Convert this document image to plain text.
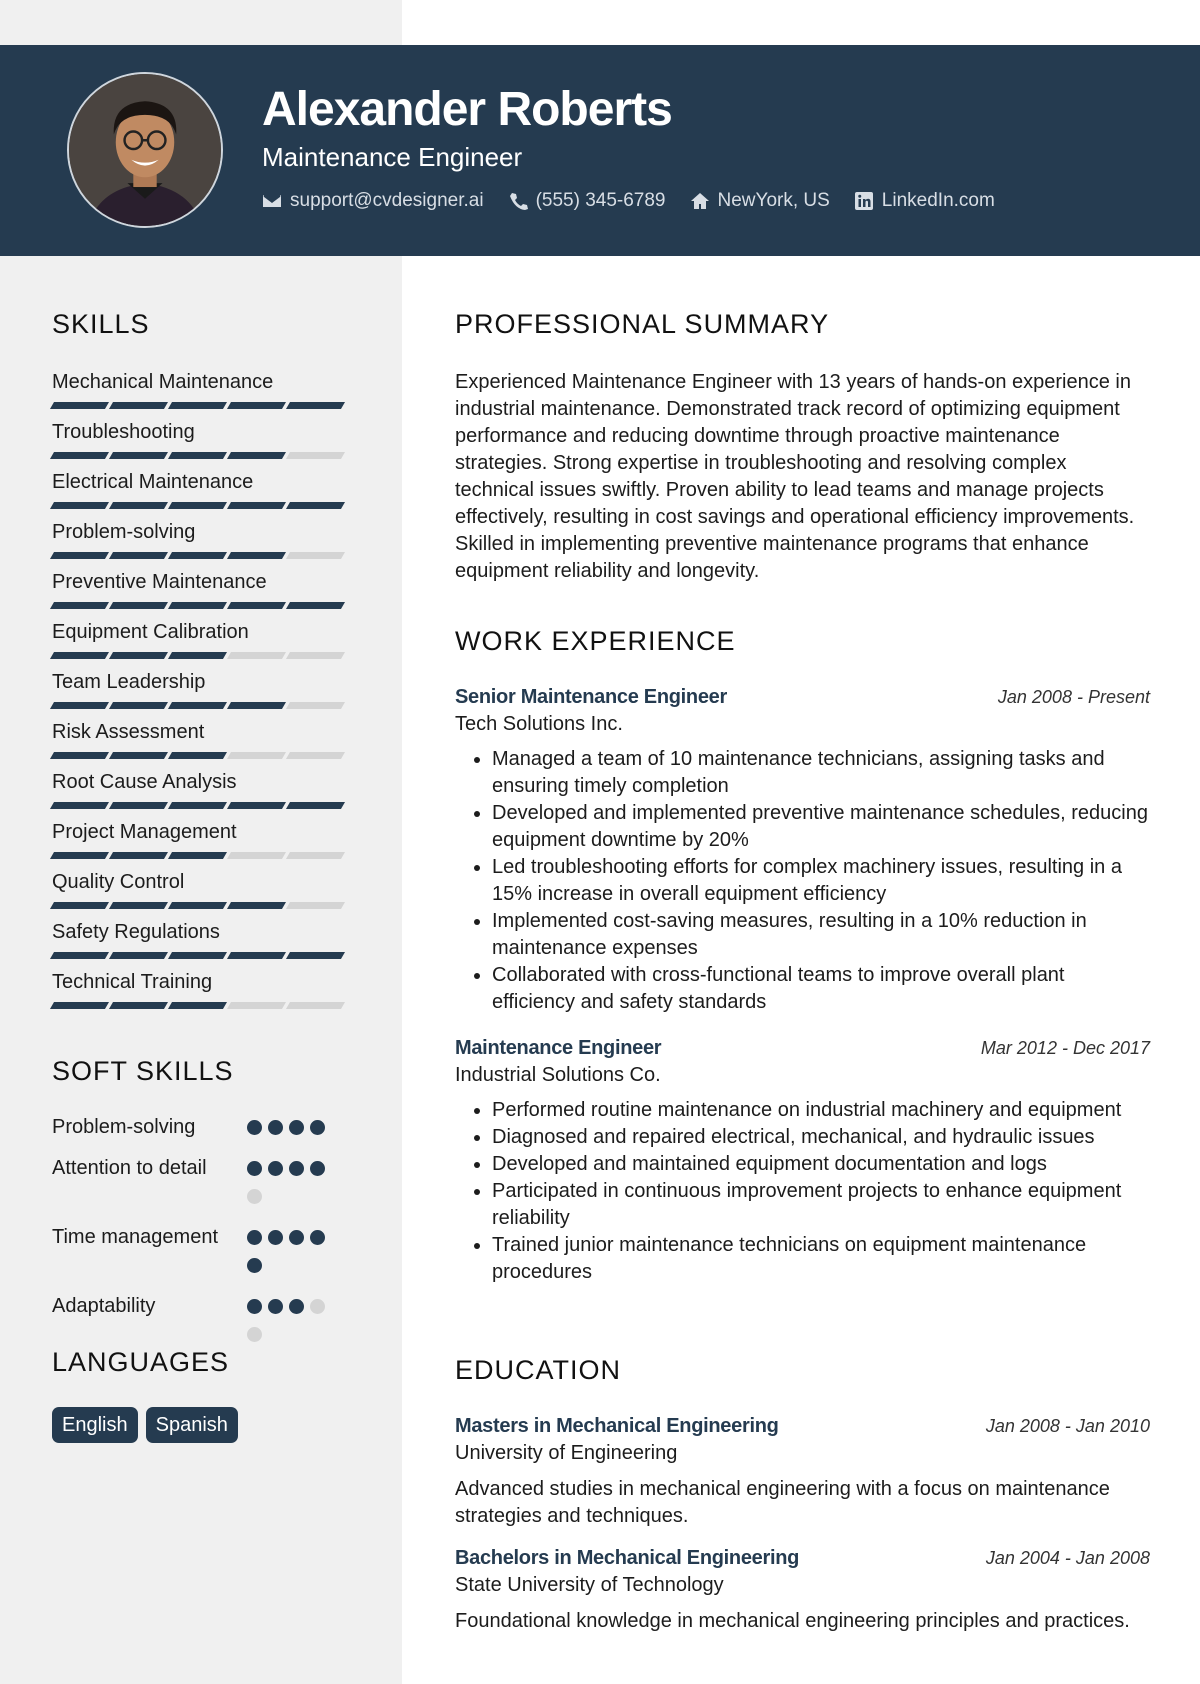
Alexander Roberts
Maintenance Engineer
support@cvdesigner.ai	(555) 345-6789	NewYork, US	LinkedIn.com
SKILLS
Mechanical Maintenance
Troubleshooting
Electrical Maintenance
Problem-solving
Preventive Maintenance
Equipment Calibration
Team Leadership
Risk Assessment
Root Cause Analysis
Project Management
Quality Control
Safety Regulations
Technical Training
SOFT SKILLS
Problem-solving
Attention to detail
Time management
Adaptability
LANGUAGES
English	Spanish
PROFESSIONAL SUMMARY

Experienced Maintenance Engineer with 13 years of hands-on experience in industrial maintenance. Demonstrated track record of optimizing equipment performance and reducing downtime through proactive maintenance strategies. Strong expertise in troubleshooting and resolving complex technical issues swiftly. Proven ability to lead teams and manage projects effectively, resulting in cost savings and operational efficiency improvements. Skilled in implementing preventive maintenance programs that enhance equipment reliability and longevity.

WORK EXPERIENCE
Senior Maintenance Engineer	Jan 2008 - Present
Tech Solutions Inc.
• Managed a team of 10 maintenance technicians, assigning tasks and ensuring timely completion
• Developed and implemented preventive maintenance schedules, reducing equipment downtime by 20%
• Led troubleshooting efforts for complex machinery issues, resulting in a 15% increase in overall equipment efficiency
• Implemented cost-saving measures, resulting in a 10% reduction in maintenance expenses
• Collaborated with cross-functional teams to improve overall plant efficiency and safety standards
Maintenance Engineer	Mar 2012 - Dec 2017
Industrial Solutions Co.
• Performed routine maintenance on industrial machinery and equipment
• Diagnosed and repaired electrical, mechanical, and hydraulic issues
• Developed and maintained equipment documentation and logs
• Participated in continuous improvement projects to enhance equipment reliability
• Trained junior maintenance technicians on equipment maintenance procedures
EDUCATION
Masters in Mechanical Engineering	Jan 2008 - Jan 2010
University of Engineering

Advanced studies in mechanical engineering with a focus on maintenance strategies and techniques.

Bachelors in Mechanical Engineering	Jan 2004 - Jan 2008
State University of Technology

Foundational knowledge in mechanical engineering principles and practices.
